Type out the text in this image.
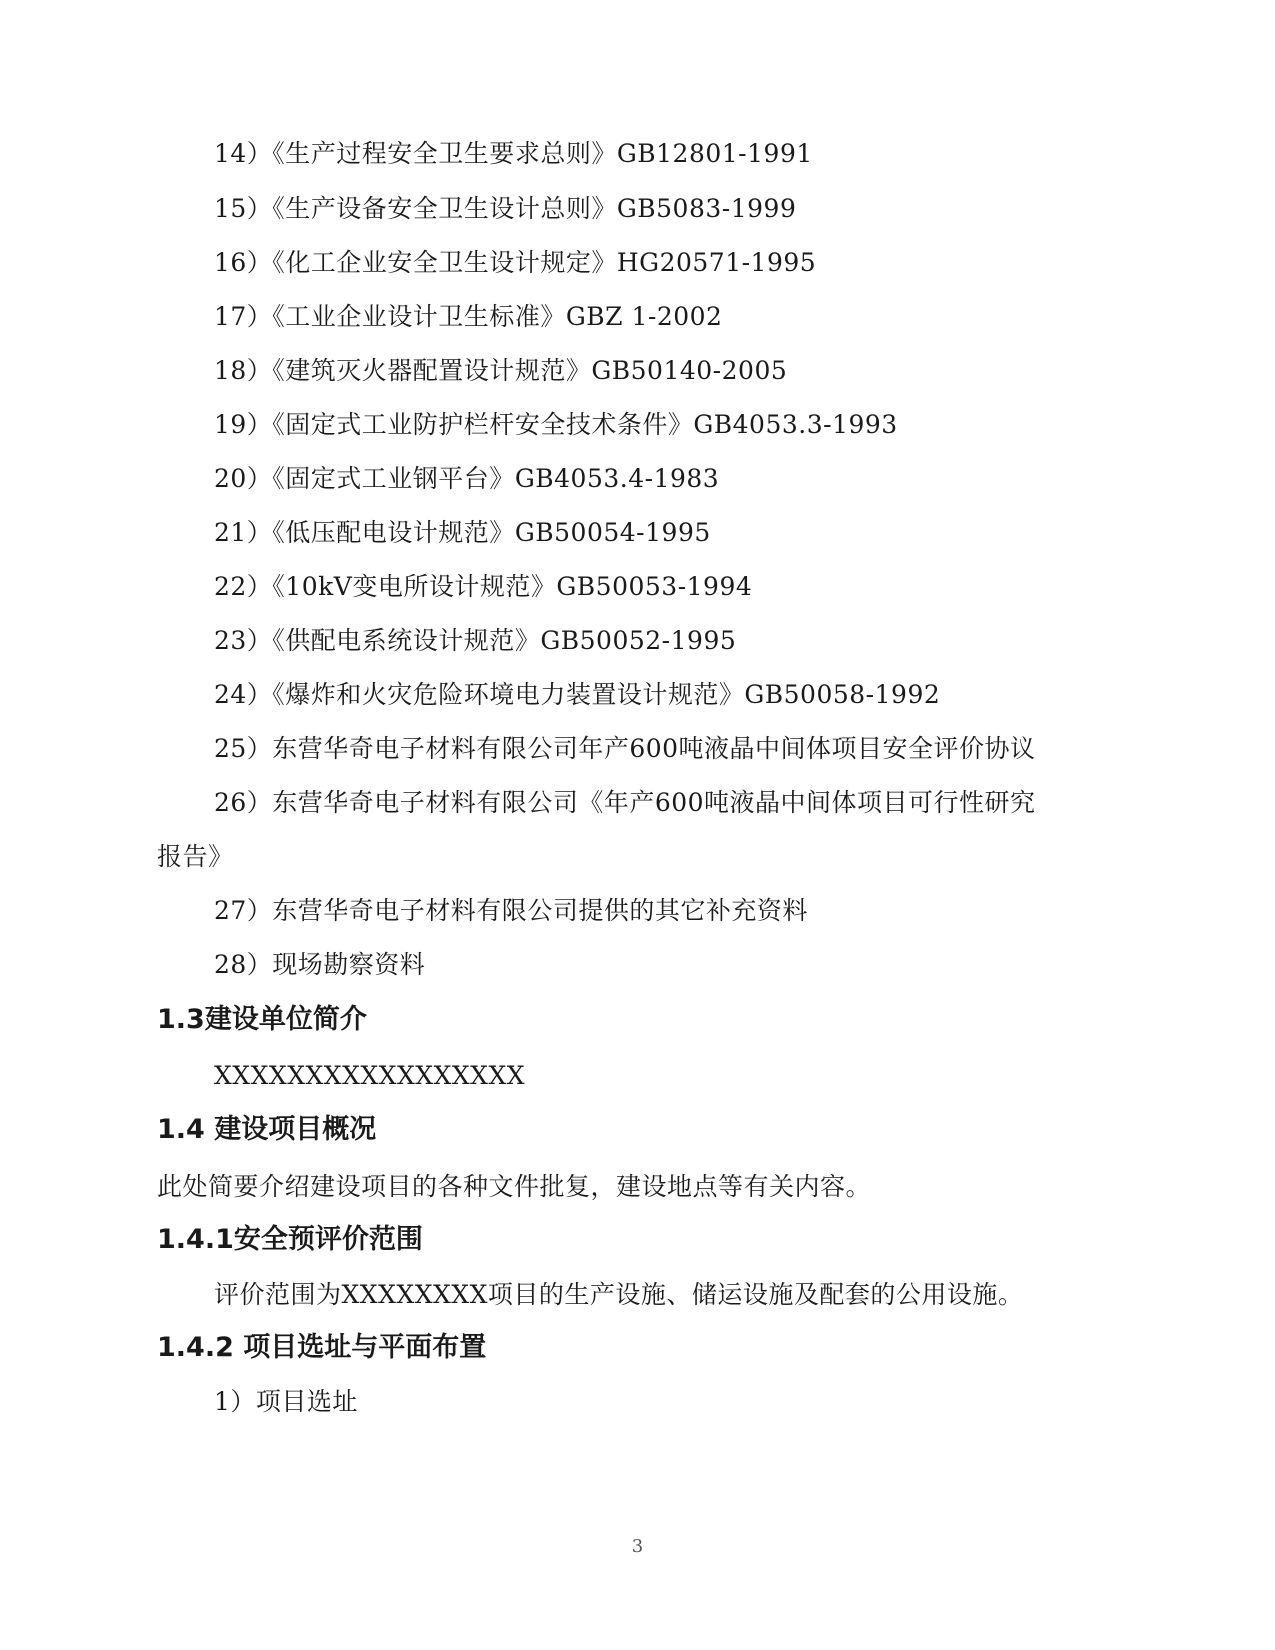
14）《生产过程安全卫生要求总则》GB12801-1991
15）《生产设备安全卫生设计总则》GB5083-1999
16）《化工企业安全卫生设计规定》HG20571-1995
17）《工业企业设计卫生标准》GBZ 1-2002
18）《建筑灭火器配置设计规范》GB50140-2005
19）《固定式工业防护栏杆安全技术条件》GB4053.3-1993
20）《固定式工业钢平台》GB4053.4-1983
21）《低压配电设计规范》GB50054-1995
22）《10kV变电所设计规范》GB50053-1994
23）《供配电系统设计规范》GB50052-1995
24）《爆炸和火灾危险环境电力装置设计规范》GB50058-1992
25）东营华奇电子材料有限公司年产600吨液晶中间体项目安全评价协议
26）东营华奇电子材料有限公司《年产600吨液晶中间体项目可行性研究
报告》
27）东营华奇电子材料有限公司提供的其它补充资料
28）现场勘察资料
1.3建设单位简介
XXXXXXXXXXXXXXXXX
1.4 建设项目概况
此处简要介绍建设项目的各种文件批复，建设地点等有关内容。
1.4.1安全预评价范围
评价范围为XXXXXXXX项目的生产设施、储运设施及配套的公用设施。
1.4.2 项目选址与平面布置
1）项目选址
3
